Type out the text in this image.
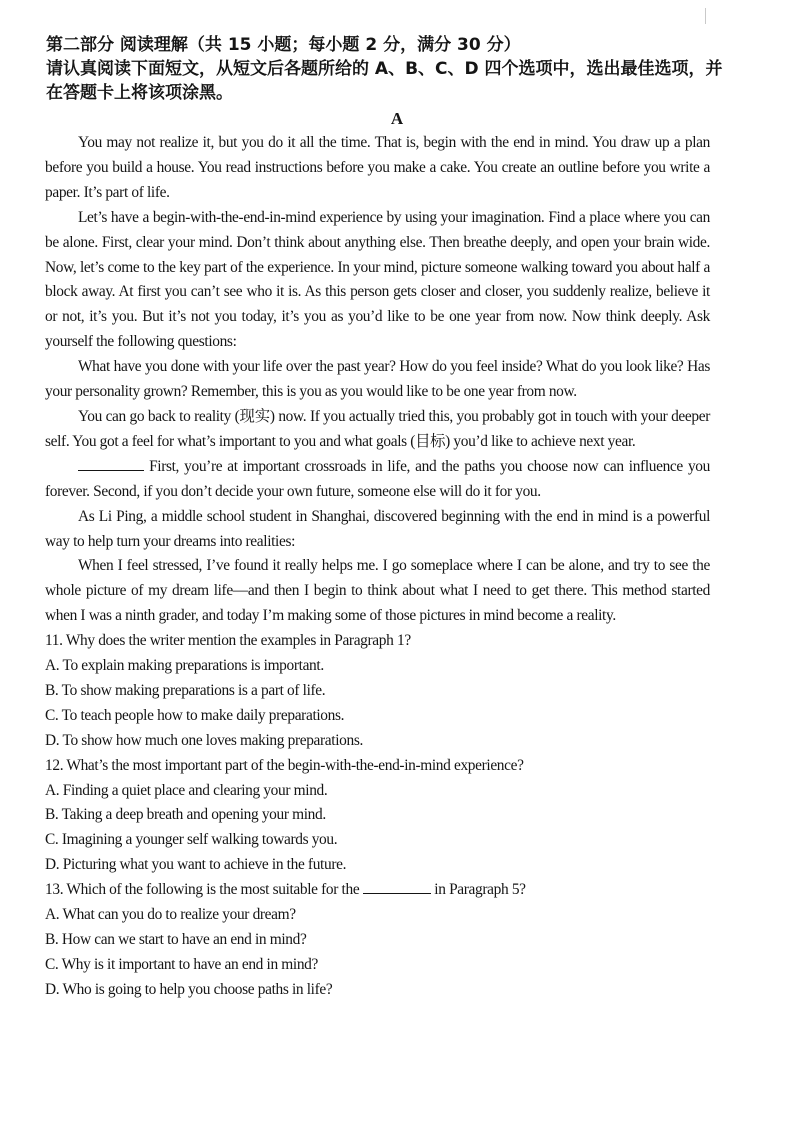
第二部分 阅读理解（共 15 小题；每小题 2 分，满分 30 分）

请认真阅读下面短文，从短文后各题所给的 A、B、C、D 四个选项中，选出最佳选项，并在答题卡上将该项涂黑。

A

You may not realize it, but you do it all the time. That is, begin with the end in mind. You draw up a plan before you build a house. You read instructions before you make a cake. You create an outline before you write a paper. It’s part of life.

Let’s have a begin-with-the-end-in-mind experience by using your imagination. Find a place where you can be alone. First, clear your mind. Don’t think about anything else. Then breathe deeply, and open your brain wide. Now, let’s come to the key part of the experience. In your mind, picture someone walking toward you about half a block away. At first you can’t see who it is. As this person gets closer and closer, you suddenly realize, believe it or not, it’s you. But it’s not you today, it’s you as you’d like to be one year from now. Now think deeply. Ask yourself the following questions:

What have you done with your life over the past year? How do you feel inside? What do you look like? Has your personality grown? Remember, this is you as you would like to be one year from now.

You can go back to reality (现实) now. If you actually tried this, you probably got in touch with your deeper self. You got a feel for what’s important to you and what goals (目标) you’d like to achieve next year.

First, you’re at important crossroads in life, and the paths you choose now can influence you forever. Second, if you don’t decide your own future, someone else will do it for you.

As Li Ping, a middle school student in Shanghai, discovered beginning with the end in mind is a powerful way to help turn your dreams into realities:

When I feel stressed, I’ve found it really helps me. I go someplace where I can be alone, and try to see the whole picture of my dream life—and then I begin to think about what I need to get there. This method started when I was a ninth grader, and today I’m making some of those pictures in mind become a reality.

11. Why does the writer mention the examples in Paragraph 1?

A. To explain making preparations is important.

B. To show making preparations is a part of life.

C. To teach people how to make daily preparations.

D. To show how much one loves making preparations.

12. What’s the most important part of the begin-with-the-end-in-mind experience?

A. Finding a quiet place and clearing your mind.

B. Taking a deep breath and opening your mind.

C. Imagining a younger self walking towards you.

D. Picturing what you want to achieve in the future.

13. Which of the following is the most suitable for the	in Paragraph 5?

A. What can you do to realize your dream?

B. How can we start to have an end in mind?

C. Why is it important to have an end in mind?

D. Who is going to help you choose paths in life?
